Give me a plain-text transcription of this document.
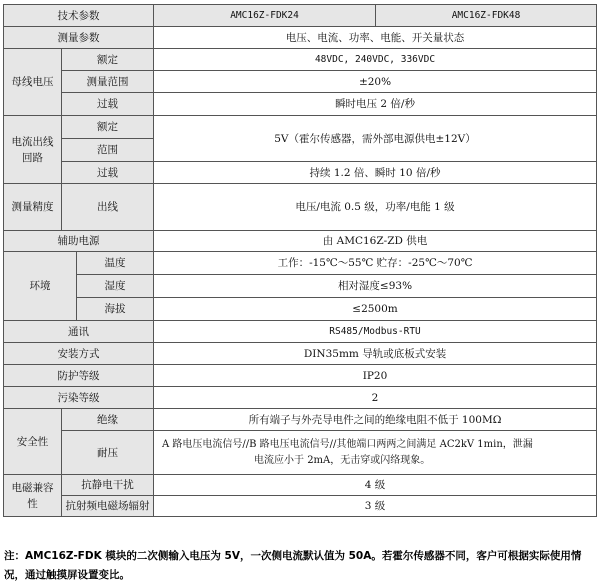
技术参数			AMC16Z-FDK24	AMC16Z-FDK48
测量参数			电压、电流、功率、电能、开关量状态	
母线电压	额定		48VDC, 240VDC, 336VDC	
	测量范围		±20%	
	过载		瞬时电压 2 倍/秒	
电流出线回路	额定		5V（霍尔传感器，需外部电源供电±12V）	
	范围			
	过载		持续 1.2 倍、瞬时 10 倍/秒	
测量精度	出线		电压/电流 0.5 级，功率/电能 1 级	
辅助电源			由 AMC16Z-ZD 供电	
环境		温度	工作：-15℃～55℃ 贮存：-25℃～70℃	
		湿度	相对湿度≤93%	
		海拔	≤2500m	
通讯			RS485/Modbus-RTU	
安装方式			DIN35mm 导轨或底板式安装	
防护等级			IP20	
污染等级			2	
安全性	绝缘		所有端子与外壳导电件之间的绝缘电阻不低于 100MΩ	
	耐压		A 路电压电流信号//B 路电压电流信号//其他端口两两之间满足 AC2kV 1min，泄漏
电流应小于 2mA，无击穿或闪络现象。	

电磁兼容性	抗静电干扰		4 级	
	抗射频电磁场辐射		3 级	
注：AMC16Z-FDK 模块的二次侧输入电压为 5V，一次侧电流默认值为 50A。若霍尔传感器不同，客户可根据实际使用情况，通过触摸屏设置变比。
